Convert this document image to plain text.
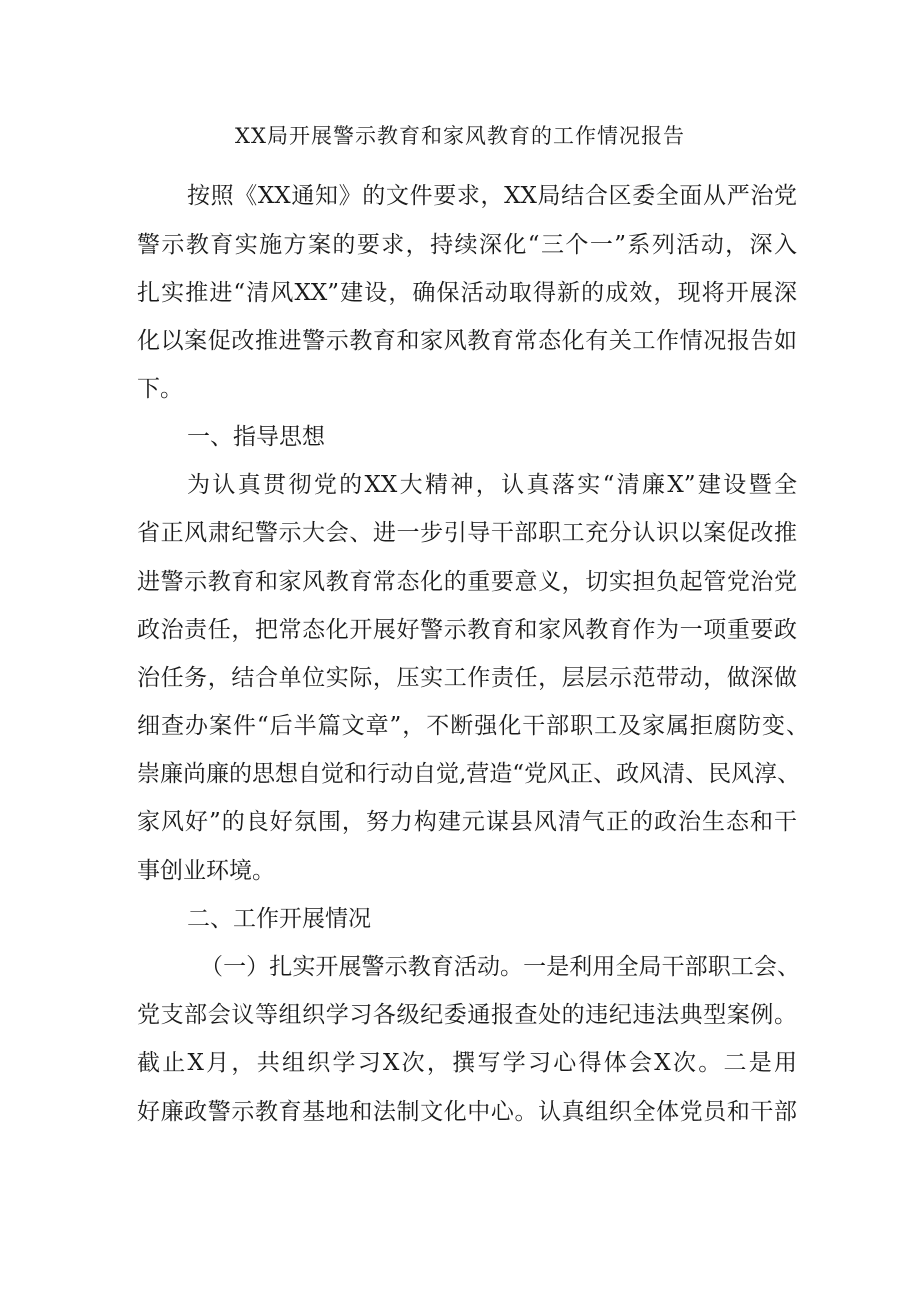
XX局开展警示教育和家风教育的工作情况报告
按照《XX通知》的文件要求，XX局结合区委全面从严治党
警示教育实施方案的要求，持续深化“三个一”系列活动，深入
扎实推进“清风XX”建设，确保活动取得新的成效，现将开展深
化以案促改推进警示教育和家风教育常态化有关工作情况报告如
下。
一、指导思想
为认真贯彻党的XX大精神，认真落实“清廉X”建设暨全
省正风肃纪警示大会、进一步引导干部职工充分认识以案促改推
进警示教育和家风教育常态化的重要意义，切实担负起管党治党
政治责任，把常态化开展好警示教育和家风教育作为一项重要政
治任务，结合单位实际，压实工作责任，层层示范带动，做深做
细查办案件“后半篇文章”，不断强化干部职工及家属拒腐防变、
崇廉尚廉的思想自觉和行动自觉,营造“党风正、政风清、民风淳、
家风好”的良好氛围，努力构建元谋县风清气正的政治生态和干
事创业环境。
二、工作开展情况
（一）扎实开展警示教育活动。一是利用全局干部职工会、
党支部会议等组织学习各级纪委通报查处的违纪违法典型案例。
截止X月，共组织学习X次，撰写学习心得体会X次。二是用
好廉政警示教育基地和法制文化中心。认真组织全体党员和干部
